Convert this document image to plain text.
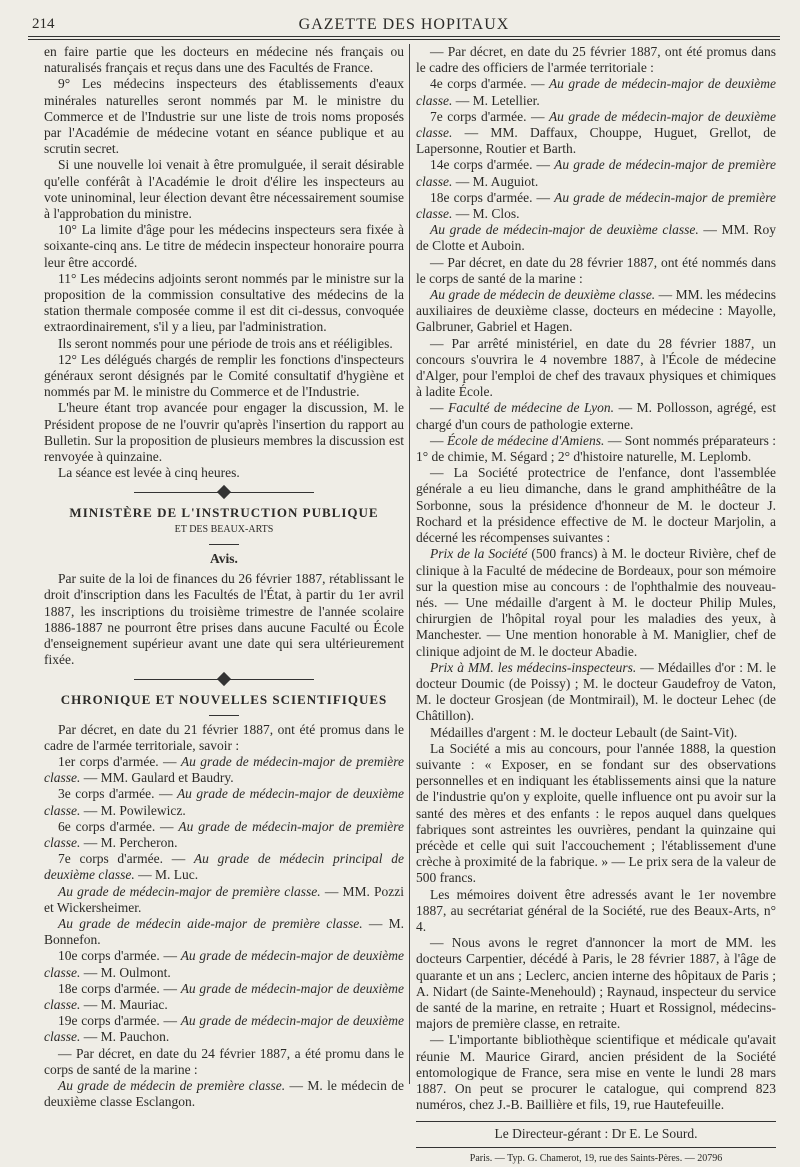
214	GAZETTE DES HOPITAUX

en faire partie que les docteurs en médecine nés français ou naturalisés français et reçus dans une des Facultés de France.

9° Les médecins inspecteurs des établissements d'eaux minérales naturelles seront nommés par M. le ministre du Commerce et de l'Industrie sur une liste de trois noms proposés par l'Académie de médecine votant en séance publique et au scrutin secret.

Si une nouvelle loi venait à être promulguée, il serait désirable qu'elle conférât à l'Académie le droit d'élire les inspecteurs au vote uninominal, leur élection devant être nécessairement soumise à l'approbation du ministre.

10° La limite d'âge pour les médecins inspecteurs sera fixée à soixante-cinq ans. Le titre de médecin inspecteur honoraire pourra leur être accordé.

11° Les médecins adjoints seront nommés par le ministre sur la proposition de la commission consultative des médecins de la station thermale composée comme il est dit ci-dessus, convoquée extraordinairement, s'il y a lieu, par l'administration.

Ils seront nommés pour une période de trois ans et rééligibles.

12° Les délégués chargés de remplir les fonctions d'inspecteurs généraux seront désignés par le Comité consultatif d'hygiène et nommés par M. le ministre du Commerce et de l'Industrie.

L'heure étant trop avancée pour engager la discussion, M. le Président propose de ne l'ouvrir qu'après l'insertion du rapport au Bulletin. Sur la proposition de plusieurs membres la discussion est renvoyée à quinzaine.

La séance est levée à cinq heures.

MINISTÈRE DE L'INSTRUCTION PUBLIQUE
ET DES BEAUX-ARTS
Avis.

Par suite de la loi de finances du 26 février 1887, rétablissant le droit d'inscription dans les Facultés de l'État, à partir du 1er avril 1887, les inscriptions du troisième trimestre de l'année scolaire 1886-1887 ne pourront être prises dans aucune Faculté ou École d'enseignement supérieur avant une date qui sera ultérieurement fixée.

CHRONIQUE ET NOUVELLES SCIENTIFIQUES

Par décret, en date du 21 février 1887, ont été promus dans le cadre de l'armée territoriale, savoir :

1er corps d'armée. — Au grade de médecin-major de première classe. — MM. Gaulard et Baudry.

3e corps d'armée. — Au grade de médecin-major de deuxième classe. — M. Powilewicz.

6e corps d'armée. — Au grade de médecin-major de première classe. — M. Percheron.

7e corps d'armée. — Au grade de médecin principal de deuxième classe. — M. Luc.

Au grade de médecin-major de première classe. — MM. Pozzi et Wickersheimer.

Au grade de médecin aide-major de première classe. — M. Bonnefon.

10e corps d'armée. — Au grade de médecin-major de deuxième classe. — M. Oulmont.

18e corps d'armée. — Au grade de médecin-major de deuxième classe. — M. Mauriac.

19e corps d'armée. — Au grade de médecin-major de deuxième classe. — M. Pauchon.

— Par décret, en date du 24 février 1887, a été promu dans le corps de santé de la marine :

Au grade de médecin de première classe. — M. le médecin de deuxième classe Esclangon.

— Par décret, en date du 25 février 1887, ont été promus dans le cadre des officiers de l'armée territoriale :

4e corps d'armée. — Au grade de médecin-major de deuxième classe. — M. Letellier.

7e corps d'armée. — Au grade de médecin-major de deuxième classe. — MM. Daffaux, Chouppe, Huguet, Grellot, de Lapersonne, Routier et Barth.

14e corps d'armée. — Au grade de médecin-major de première classe. — M. Auguiot.

18e corps d'armée. — Au grade de médecin-major de première classe. — M. Clos.

Au grade de médecin-major de deuxième classe. — MM. Roy de Clotte et Auboin.

— Par décret, en date du 28 février 1887, ont été nommés dans le corps de santé de la marine :

Au grade de médecin de deuxième classe. — MM. les médecins auxiliaires de deuxième classe, docteurs en médecine : Mayolle, Galbruner, Gabriel et Hagen.

— Par arrêté ministériel, en date du 28 février 1887, un concours s'ouvrira le 4 novembre 1887, à l'École de médecine d'Alger, pour l'emploi de chef des travaux physiques et chimiques à ladite École.

— Faculté de médecine de Lyon. — M. Pollosson, agrégé, est chargé d'un cours de pathologie externe.

— École de médecine d'Amiens. — Sont nommés préparateurs : 1° de chimie, M. Ségard ; 2° d'histoire naturelle, M. Leplomb.

— La Société protectrice de l'enfance, dont l'assemblée générale a eu lieu dimanche, dans le grand amphithéâtre de la Sorbonne, sous la présidence d'honneur de M. le docteur J. Rochard et la présidence effective de M. le docteur Marjolin, a décerné les récompenses suivantes :

Prix de la Société (500 francs) à M. le docteur Rivière, chef de clinique à la Faculté de médecine de Bordeaux, pour son mémoire sur la question mise au concours : de l'ophthalmie des nouveau-nés. — Une médaille d'argent à M. le docteur Philip Mules, chirurgien de l'hôpital royal pour les maladies des yeux, à Manchester. — Une mention honorable à M. Maniglier, chef de clinique adjoint de M. le docteur Abadie.

Prix à MM. les médecins-inspecteurs. — Médailles d'or : M. le docteur Doumic (de Poissy) ; M. le docteur Gaudefroy de Vaton, M. le docteur Grosjean (de Montmirail), M. le docteur Lehec (de Châtillon).

Médailles d'argent : M. le docteur Lebault (de Saint-Vit).

La Société a mis au concours, pour l'année 1888, la question suivante : « Exposer, en se fondant sur des observations personnelles et en indiquant les établissements ainsi que la nature de l'industrie qu'on y exploite, quelle influence ont pu avoir sur la santé des mères et des enfants : le repos auquel dans quelques fabriques sont astreintes les ouvrières, pendant la quinzaine qui précède et celle qui suit l'accouchement ; l'établissement d'une crèche à proximité de la fabrique. » — Le prix sera de la valeur de 500 francs.

Les mémoires doivent être adressés avant le 1er novembre 1887, au secrétariat général de la Société, rue des Beaux-Arts, n° 4.

— Nous avons le regret d'annoncer la mort de MM. les docteurs Carpentier, décédé à Paris, le 28 février 1887, à l'âge de quarante et un ans ; Leclerc, ancien interne des hôpitaux de Paris ; A. Nidart (de Sainte-Menehould) ; Raynaud, inspecteur du service de santé de la marine, en retraite ; Huart et Rossignol, médecins-majors de première classe, en retraite.

— L'importante bibliothèque scientifique et médicale qu'avait réunie M. Maurice Girard, ancien président de la Société entomologique de France, sera mise en vente le lundi 28 mars 1887. On peut se procurer le catalogue, qui comprend 823 numéros, chez J.-B. Baillière et fils, 19, rue Hautefeuille.

Le Directeur-gérant : Dr E. Le Sourd.
Paris. — Typ. G. Chamerot, 19, rue des Saints-Pères. — 20796
